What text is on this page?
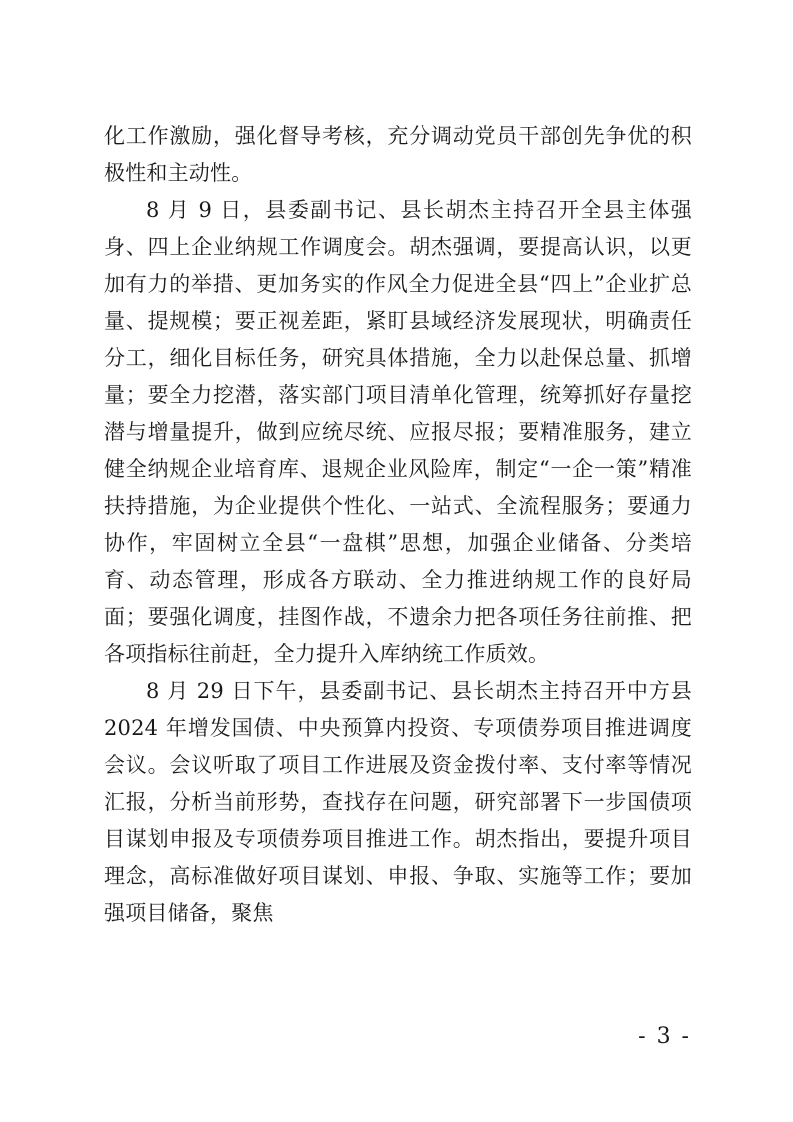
化工作激励，强化督导考核，充分调动党员干部创先争优的积极性和主动性。

8 月 9 日，县委副书记、县长胡杰主持召开全县主体强身、四上企业纳规工作调度会。胡杰强调，要提高认识，以更加有力的举措、更加务实的作风全力促进全县“四上”企业扩总量、提规模；要正视差距，紧盯县域经济发展现状，明确责任分工，细化目标任务，研究具体措施，全力以赴保总量、抓增量；要全力挖潜，落实部门项目清单化管理，统筹抓好存量挖潜与增量提升，做到应统尽统、应报尽报；要精准服务，建立健全纳规企业培育库、退规企业风险库，制定“一企一策”精准扶持措施，为企业提供个性化、一站式、全流程服务；要通力协作，牢固树立全县“一盘棋”思想，加强企业储备、分类培育、动态管理，形成各方联动、全力推进纳规工作的良好局面；要强化调度，挂图作战，不遗余力把各项任务往前推、把各项指标往前赶，全力提升入库纳统工作质效。

8 月 29 日下午，县委副书记、县长胡杰主持召开中方县 2024 年增发国债、中央预算内投资、专项债券项目推进调度会议。会议听取了项目工作进展及资金拨付率、支付率等情况汇报，分析当前形势，查找存在问题，研究部署下一步国债项目谋划申报及专项债券项目推进工作。胡杰指出，要提升项目理念，高标准做好项目谋划、申报、争取、实施等工作；要加强项目储备，聚焦

- 3 -
